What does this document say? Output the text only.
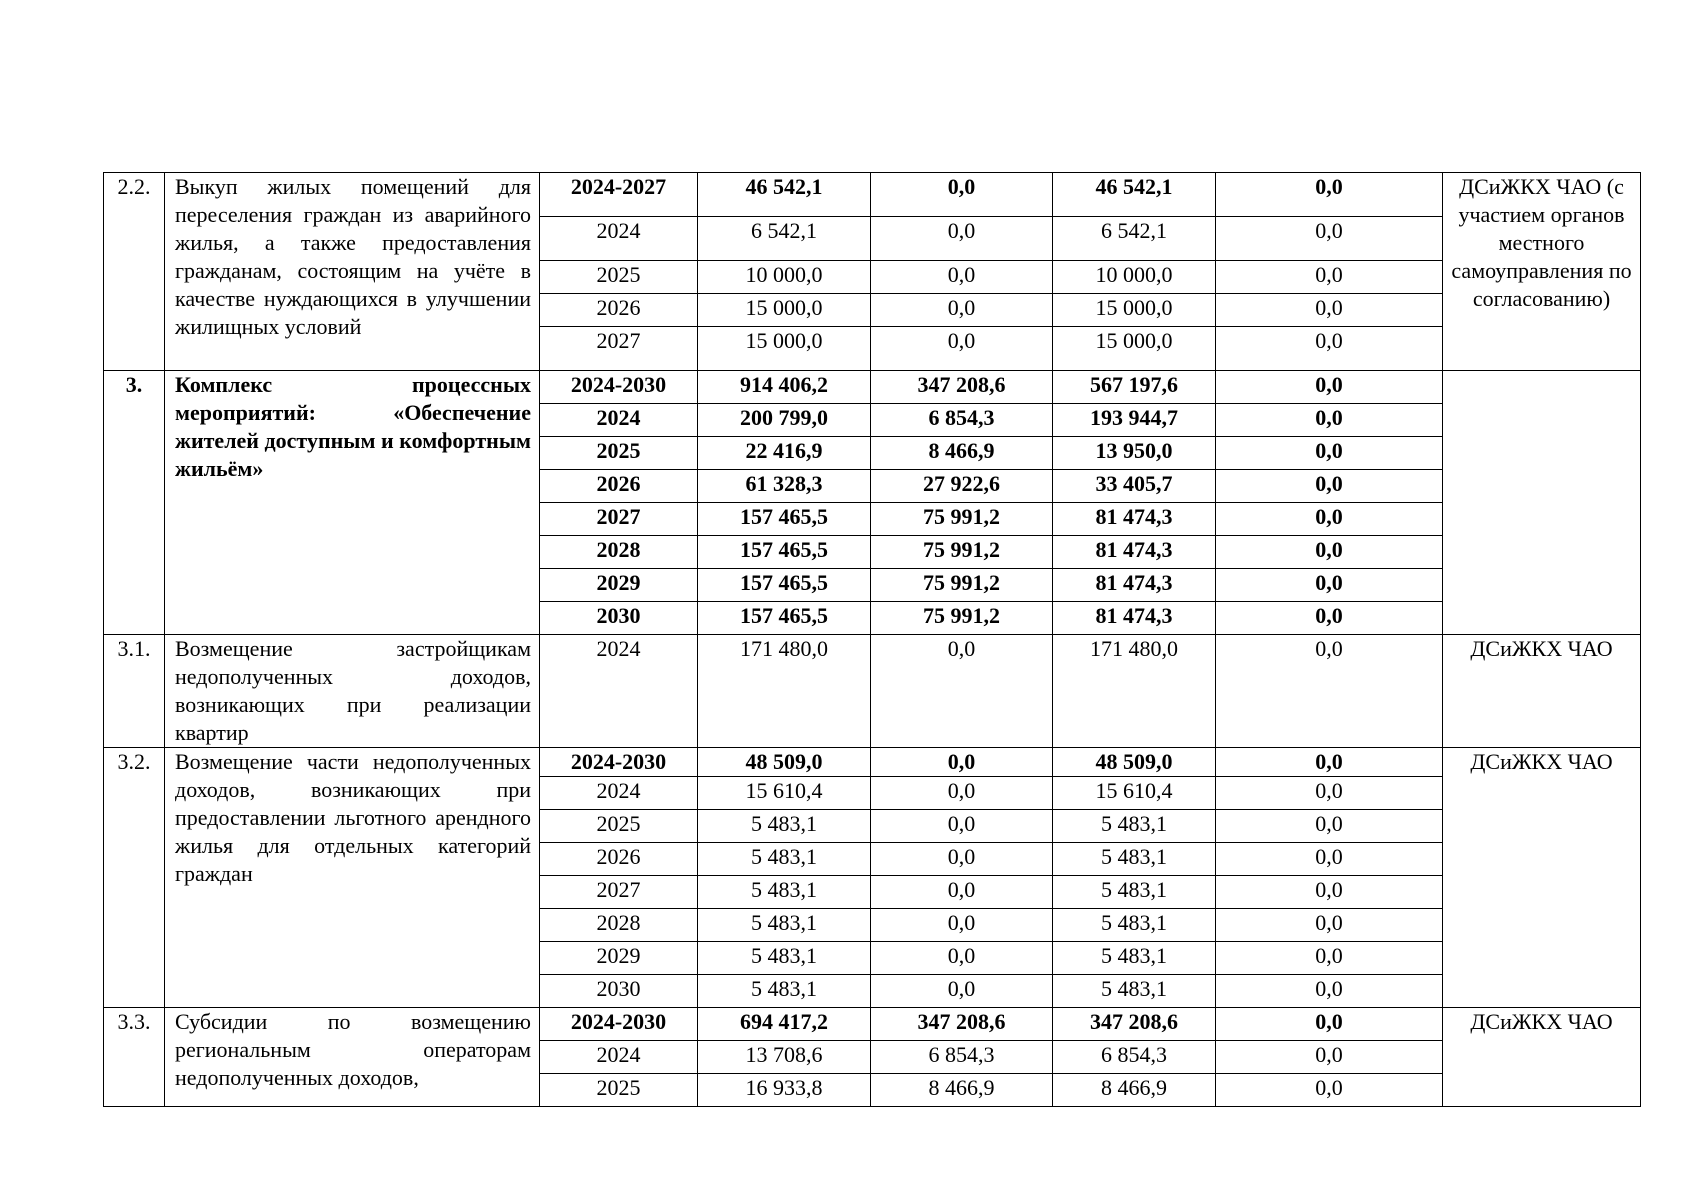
2.2.	Выкуп жилых помещений для переселения граждан из аварийного жилья, а также предоставления гражданам, состоящим на учёте в качестве нуждающихся в улучшении жилищных условий	2024-2027	46 542,1	0,0	46 542,1	0,0	ДСиЖКХ ЧАО (с участием органов местного самоуправления по согласованию)
		2024	6 542,1	0,0	6 542,1	0,0	
		2025	10 000,0	0,0	10 000,0	0,0	
		2026	15 000,0	0,0	15 000,0	0,0	
		2027	15 000,0	0,0	15 000,0	0,0	
3.	Комплекс процессных мероприятий: «Обеспечение жителей доступным и комфортным жильём»	2024-2030	914 406,2	347 208,6	567 197,6	0,0	
		2024	200 799,0	6 854,3	193 944,7	0,0	
		2025	22 416,9	8 466,9	13 950,0	0,0	
		2026	61 328,3	27 922,6	33 405,7	0,0	
		2027	157 465,5	75 991,2	81 474,3	0,0	
		2028	157 465,5	75 991,2	81 474,3	0,0	
		2029	157 465,5	75 991,2	81 474,3	0,0	
		2030	157 465,5	75 991,2	81 474,3	0,0	
3.1.	Возмещение застройщикам недополученных доходов, возникающих при реализации квартир	2024	171 480,0	0,0	171 480,0	0,0	ДСиЖКХ ЧАО
3.2.	Возмещение части недополученных доходов, возникающих при предоставлении льготного арендного жилья для отдельных категорий граждан	2024-2030	48 509,0	0,0	48 509,0	0,0	ДСиЖКХ ЧАО
		2024	15 610,4	0,0	15 610,4	0,0	
		2025	5 483,1	0,0	5 483,1	0,0	
		2026	5 483,1	0,0	5 483,1	0,0	
		2027	5 483,1	0,0	5 483,1	0,0	
		2028	5 483,1	0,0	5 483,1	0,0	
		2029	5 483,1	0,0	5 483,1	0,0	
		2030	5 483,1	0,0	5 483,1	0,0	
3.3.	Субсидии по возмещению региональным операторам недополученных доходов,	2024-2030	694 417,2	347 208,6	347 208,6	0,0	ДСиЖКХ ЧАО
		2024	13 708,6	6 854,3	6 854,3	0,0	
		2025	16 933,8	8 466,9	8 466,9	0,0	
